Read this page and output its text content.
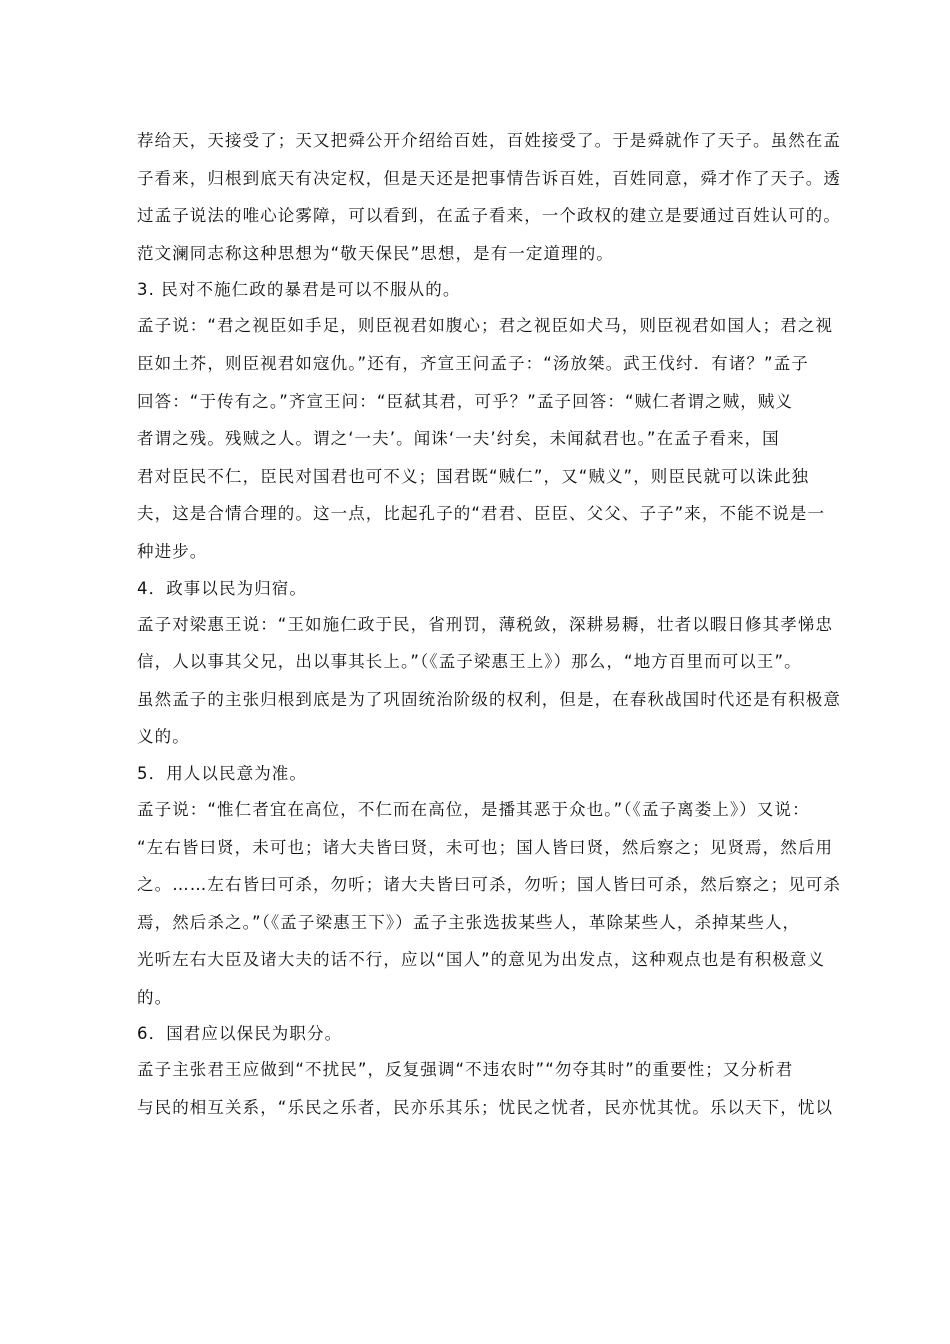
荐给天，天接受了；天又把舜公开介绍给百姓，百姓接受了。于是舜就作了天子。虽然在孟
子看来，归根到底天有决定权，但是天还是把事情告诉百姓，百姓同意，舜才作了天子。透
过孟子说法的唯心论雾障，可以看到，在孟子看来，一个政权的建立是要通过百姓认可的。
范文澜同志称这种思想为“敬天保民”思想，是有一定道理的。
3. 民对不施仁政的暴君是可以不服从的。
孟子说：“君之视臣如手足，则臣视君如腹心；君之视臣如犬马，则臣视君如国人；君之视
臣如土芥，则臣视君如寇仇。”还有，齐宣王问孟子：“汤放桀。武王伐纣．有诸？”孟子
回答：“于传有之。”齐宣王问：“臣弑其君，可乎？”孟子回答：“贼仁者谓之贼，贼义
者谓之残。残贼之人。谓之‘一夫’。闻诛‘一夫’纣矣，未闻弑君也。”在孟子看来，国
君对臣民不仁，臣民对国君也可不义；国君既“贼仁”，又“贼义”，则臣民就可以诛此独
夫，这是合情合理的。这一点，比起孔子的“君君、臣臣、父父、子子”来，不能不说是一
种进步。
4．政事以民为归宿。
孟子对梁惠王说：“王如施仁政于民，省刑罚，薄税敛，深耕易耨，壮者以暇日修其孝悌忠
信，人以事其父兄，出以事其长上。”（《孟子梁惠王上》）那么，“地方百里而可以王”。
虽然孟子的主张归根到底是为了巩固统治阶级的权利，但是，在春秋战国时代还是有积极意
义的。
5．用人以民意为准。
孟子说：“惟仁者宜在高位，不仁而在高位，是播其恶于众也。”（《孟子离娄上》）又说：
“左右皆曰贤，未可也；诸大夫皆曰贤，未可也；国人皆曰贤，然后察之；见贤焉，然后用
之。……左右皆曰可杀，勿听；诸大夫皆曰可杀，勿听；国人皆曰可杀，然后察之；见可杀
焉，然后杀之。”（《孟子梁惠王下》）孟子主张选拔某些人，革除某些人，杀掉某些人，
光听左右大臣及诸大夫的话不行，应以“国人”的意见为出发点，这种观点也是有积极意义
的。
6．国君应以保民为职分。
孟子主张君王应做到“不扰民”，反复强调“不违农时”“勿夺其时”的重要性；又分析君
与民的相互关系，“乐民之乐者，民亦乐其乐；忧民之忧者，民亦忧其忧。乐以天下，忧以
